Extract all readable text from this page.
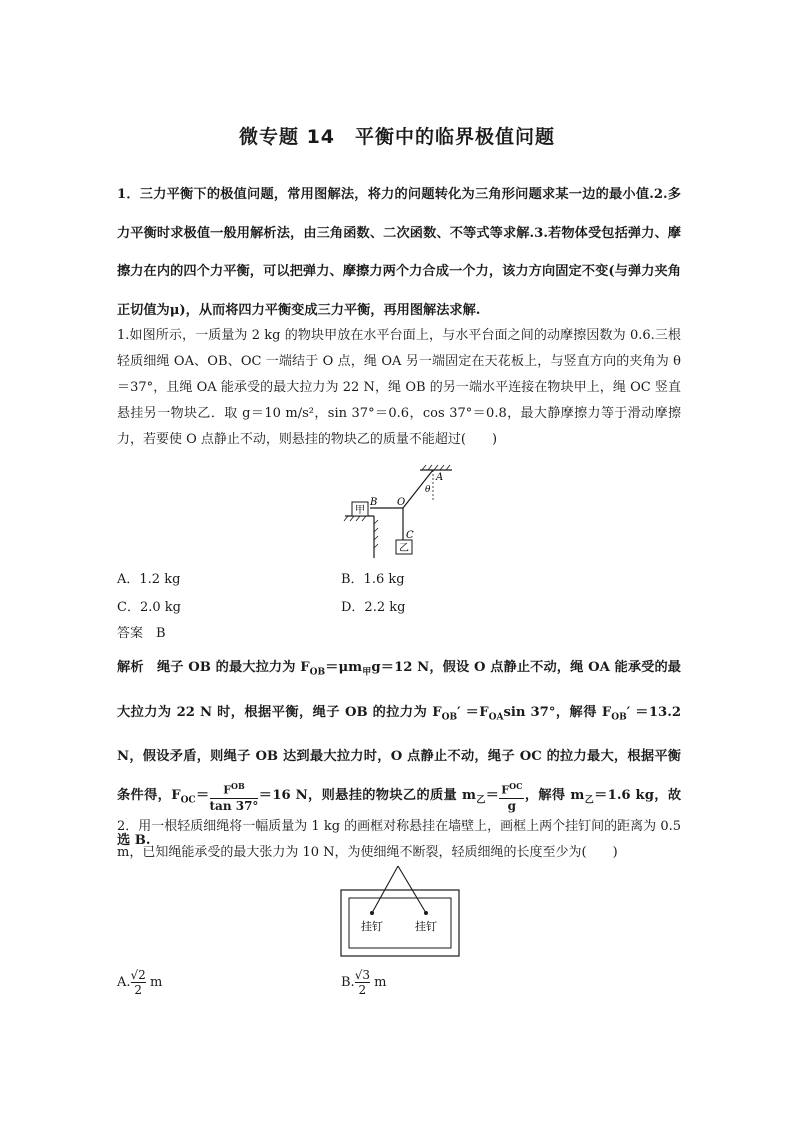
微专题 14　平衡中的临界极值问题

1．三力平衡下的极值问题，常用图解法，将力的问题转化为三角形问题求某一边的最小值.2.多力平衡时求极值一般用解析法，由三角函数、二次函数、不等式等求解.3.若物体受包括弹力、摩擦力在内的四个力平衡，可以把弹力、摩擦力两个力合成一个力，该力方向固定不变(与弹力夹角正切值为μ)，从而将四力平衡变成三力平衡，再用图解法求解.

1.如图所示，一质量为 2 kg 的物块甲放在水平台面上，与水平台面之间的动摩擦因数为 0.6.三根轻质细绳 OA、OB、OC 一端结于 O 点，绳 OA 另一端固定在天花板上，与竖直方向的夹角为 θ＝37°，且绳 OA 能承受的最大拉力为 22 N，绳 OB 的另一端水平连接在物块甲上，绳 OC 竖直悬挂另一物块乙．取 g＝10 m/s²，sin 37°＝0.6，cos 37°＝0.8，最大静摩擦力等于滑动摩擦力，若要使 O 点静止不动，则悬挂的物块乙的质量不能超过(　　)

甲
乙
B O
A
θ
C
A．1.2 kg	B．1.6 kg
C．2.0 kg	D．2.2 kg
答案　B

解析　绳子 OB 的最大拉力为 $F_{OB}=\mu m_甲g=12$ N，假设 O 点静止不动，绳 OA 能承受的最大拉力为 22 N 时，根据平衡，绳子 OB 的拉力为 $F_{OB}' =F_{OA}\sin$ 37°，解得 $F_{OB}' =13.2$ N，假设矛盾，则绳子 OB 达到最大拉力时，O 点静止不动，绳子 OC 的拉力最大，根据平衡条件得，$F_{OC}= \frac{F^{OB}}{\tan 37^\circ} =16$ N，则悬挂的物块乙的质量 $m_乙= \frac{F^{OC}}{g}$ ，解得 $m_乙=1.6$ kg，故选 B.

2．用一根轻质细绳将一幅质量为 1 kg 的画框对称悬挂在墙壁上，画框上两个挂钉间的距离为 0.5 m，已知绳能承受的最大张力为 10 N，为使细绳不断裂，轻质细绳的长度至少为(　　)

挂钉	挂钉
A. $\frac{√2}{2}$ m	B. $\frac{√3}{2}$ m
